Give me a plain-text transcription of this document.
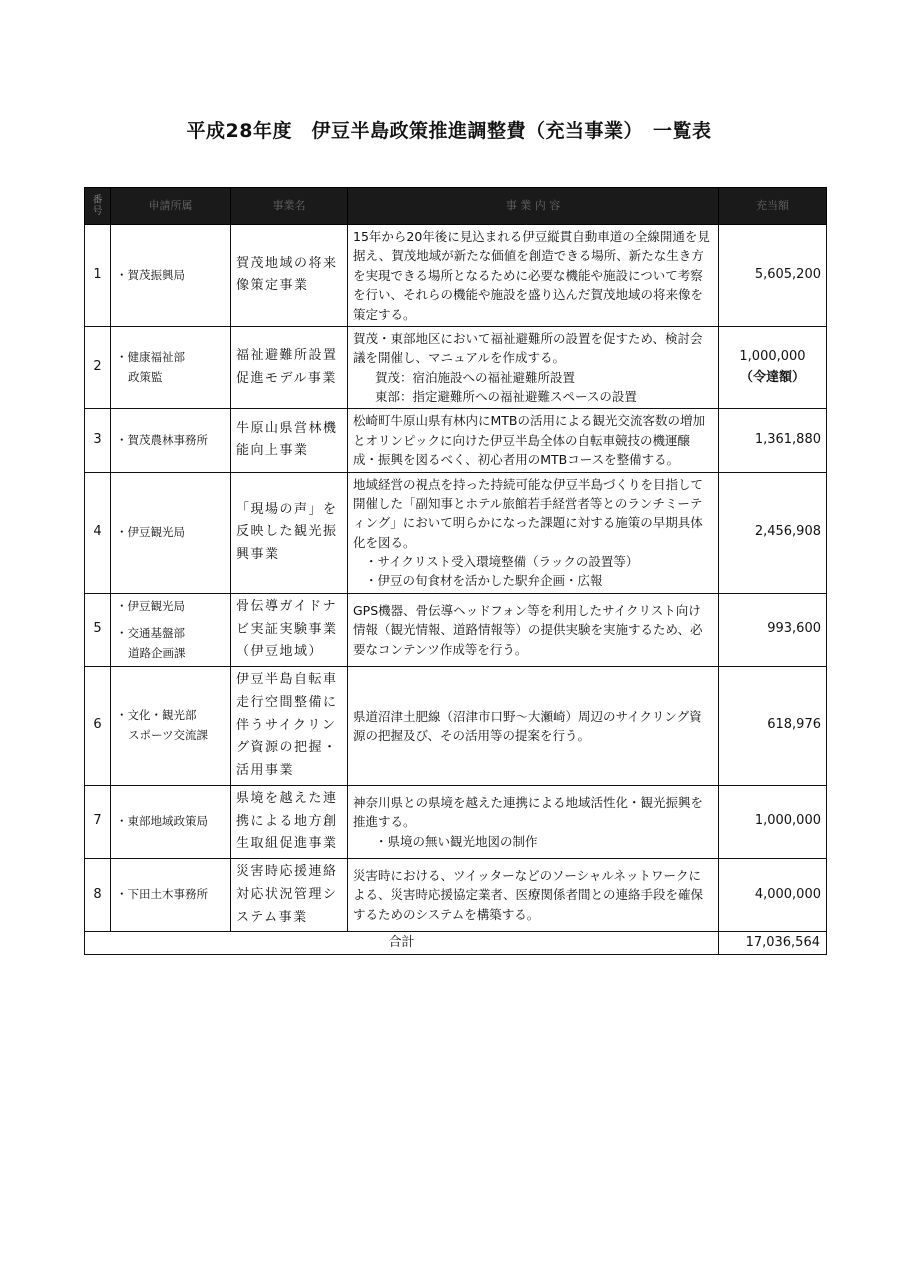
平成28年度　伊豆半島政策推進調整費（充当事業）　一覧表
番号	申請所属	事業名	事 業 内 容	充当額
1	・賀茂振興局	賀茂地域の将来像策定事業	15年から20年後に見込まれる伊豆縦貫自動車道の全線開通を見据え、賀茂地域が新たな価値を創造できる場所、新たな生き方を実現できる場所となるために必要な機能や施設について考察を行い、それらの機能や施設を盛り込んだ賀茂地域の将来像を策定する。	5,605,200
2	・健康福祉部
政策監	福祉避難所設置促進モデル事業	賀茂・東部地区において福祉避難所の設置を促すため、検討会議を開催し、マニュアルを作成する。
賀茂：宿泊施設への福祉避難所設置
東部：指定避難所への福祉避難スペースの設置	1,000,000
（令達額）

3	・賀茂農林事務所	牛原山県営林機能向上事業	松崎町牛原山県有林内にMTBの活用による観光交流客数の増加とオリンピックに向けた伊豆半島全体の自転車競技の機運醸成・振興を図るべく、初心者用のMTBコースを整備する。	1,361,880
4	・伊豆観光局	「現場の声」を反映した観光振興事業	地域経営の視点を持った持続可能な伊豆半島づくりを目指して開催した「副知事とホテル旅館若手経営者等とのランチミーティング」において明らかになった課題に対する施策の早期具体化を図る。
・サイクリスト受入環境整備（ラックの設置等）
・伊豆の旬食材を活かした駅弁企画・広報	2,456,908
5	・伊豆観光局
・交通基盤部
道路企画課	骨伝導ガイドナビ実証実験事業（伊豆地域）	GPS機器、骨伝導ヘッドフォン等を利用したサイクリスト向け情報（観光情報、道路情報等）の提供実験を実施するため、必要なコンテンツ作成等を行う。	993,600
6	・文化・観光部
スポーツ交流課	伊豆半島自転車走行空間整備に伴うサイクリング資源の把握・活用事業	県道沼津土肥線（沼津市口野～大瀬崎）周辺のサイクリング資源の把握及び、その活用等の提案を行う。	618,976
7	・東部地域政策局	県境を越えた連携による地方創生取組促進事業	神奈川県との県境を越えた連携による地域活性化・観光振興を推進する。
・県境の無い観光地図の制作	1,000,000
8	・下田土木事務所	災害時応援連絡対応状況管理システム事業	災害時における、ツイッターなどのソーシャルネットワークによる、災害時応援協定業者、医療関係者間との連絡手段を確保するためのシステムを構築する。	4,000,000
合計				17,036,564
